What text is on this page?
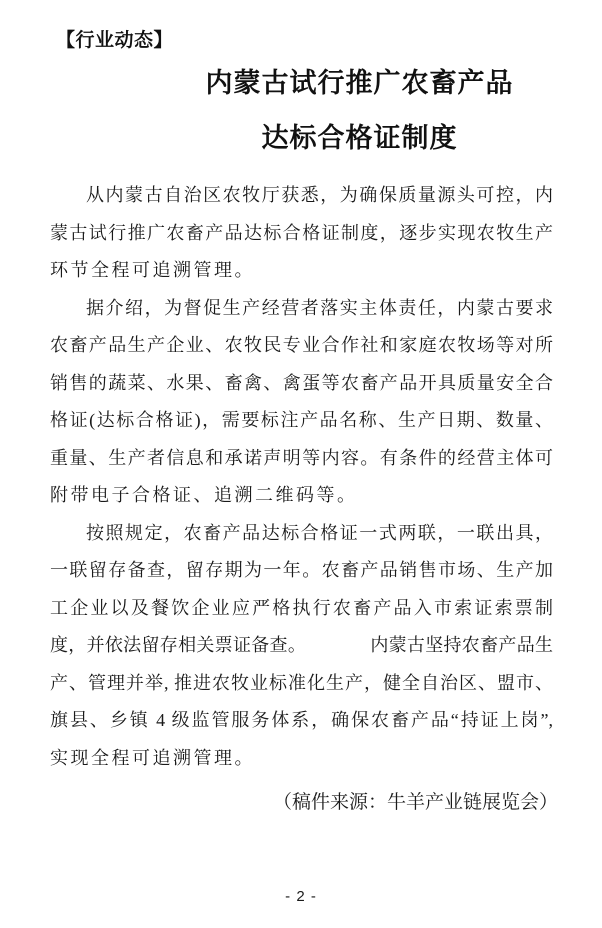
【行业动态】
内蒙古试行推广农畜产品
达标合格证制度
从内蒙古自治区农牧厅获悉，为确保质量源头可控，内
蒙古试行推广农畜产品达标合格证制度，逐步实现农牧生产
环节全程可追溯管理。
据介绍，为督促生产经营者落实主体责任，内蒙古要求
农畜产品生产企业、农牧民专业合作社和家庭农牧场等对所
销售的蔬菜、水果、畜禽、禽蛋等农畜产品开具质量安全合
格证(达标合格证)，需要标注产品名称、生产日期、数量、
重量、生产者信息和承诺声明等内容。有条件的经营主体可
附带电子合格证、追溯二维码等。
按照规定，农畜产品达标合格证一式两联，一联出具，
一联留存备查，留存期为一年。农畜产品销售市场、生产加
工企业以及餐饮企业应严格执行农畜产品入市索证索票制
度，并依法留存相关票证备查。　　　　内蒙古坚持农畜产品生
产、管理并举, 推进农牧业标准化生产，健全自治区、盟市、
旗县、乡镇 4 级监管服务体系，确保农畜产品“持证上岗”,
实现全程可追溯管理。
（稿件来源：牛羊产业链展览会）
- 2 -
